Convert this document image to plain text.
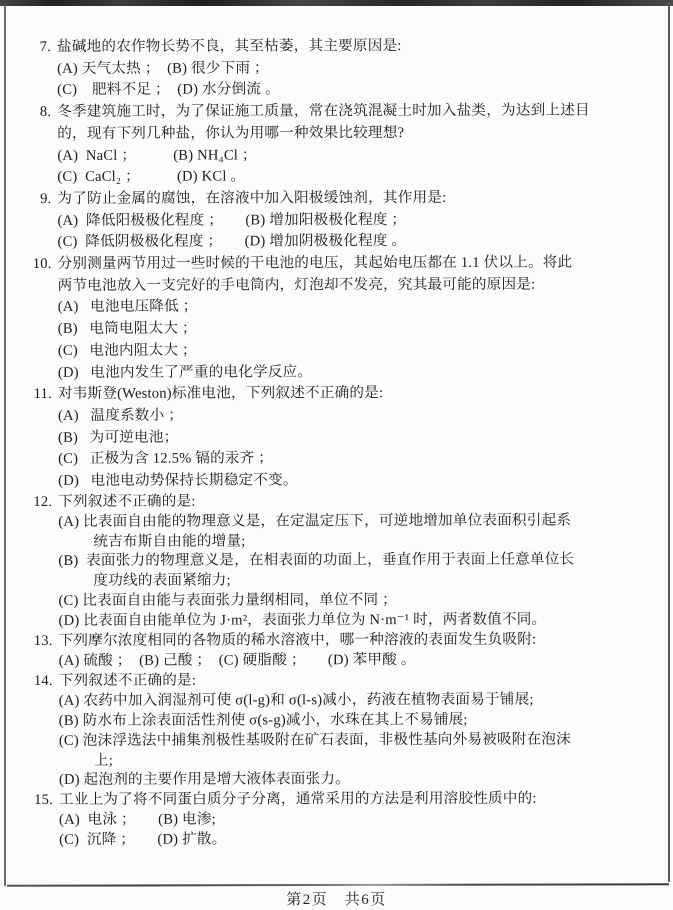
7. 盐碱地的农作物长势不良，其至枯萎，其主要原因是:
(A) 天气太热 ；　(B) 很少下雨 ；
(C)　肥料不足 ；　(D) 水分倒流 。
8. 冬季建筑施工时，为了保证施工质量，常在浇筑混凝土时加入盐类，为达到上述目
的，现有下列几种盐，你认为用哪一种效果比较理想?
(A)  NaCl ；　　　(B) NH₄Cl ；
(C)  CaCl₂ ；　　　(D) KCl 。
9. 为了防止金属的腐蚀，在溶液中加入阳极缓蚀剂，其作用是:
(A)  降低阳极极化程度 ；　　(B) 增加阳极极化程度 ；
(C)  降低阴极极化程度 ；　　(D) 增加阴极极化程度 。
10. 分别测量两节用过一些时候的干电池的电压，其起始电压都在 1.1 伏以上。将此
两节电池放入一支完好的手电筒内，灯泡却不发亮，究其最可能的原因是:
(A)   电池电压降低 ；
(B)   电筒电阻太大 ；
(C)   电池内阻太大 ；
(D)   电池内发生了严重的电化学反应。
11. 对韦斯登(Weston)标准电池，下列叙述不正确的是:
(A)   温度系数小 ；
(B)   为可逆电池；
(C)   正极为含 12.5% 镉的汞齐 ；
(D)   电池电动势保持长期稳定不变。
12. 下列叙述不正确的是:
(A) 比表面自由能的物理意义是，在定温定压下，可逆地增加单位表面积引起系
统吉布斯自由能的增量;
(B)  表面张力的物理意义是，在相表面的功面上，垂直作用于表面上任意单位长
度功线的表面紧缩力;
(C) 比表面自由能与表面张力量纲相同，单位不同 ；
(D) 比表面自由能单位为 J·m²，表面张力单位为 N·m⁻¹ 时，两者数值不同。
13. 下列摩尔浓度相同的各物质的稀水溶液中，哪一种溶液的表面发生负吸附:
(A) 硫酸 ；　(B) 己酸 ；　(C) 硬脂酸 ；　　(D) 苯甲酸 。
14. 下列叙述不正确的是:
(A) 农药中加入润湿剂可使 σ(l-g)和 σ(l-s)减小，药液在植物表面易于铺展;
(B) 防水布上涂表面活性剂使 σ(s-g)减小，水珠在其上不易铺展;
(C) 泡沫浮选法中捕集剂极性基吸附在矿石表面，非极性基向外易被吸附在泡沫
上;
(D) 起泡剂的主要作用是增大液体表面张力。
15. 工业上为了将不同蛋白质分子分离，通常采用的方法是利用溶胶性质中的:
(A)  电泳 ；　　(B) 电渗;
(C)  沉降 ；　　(D) 扩散。
第2页　共6页
